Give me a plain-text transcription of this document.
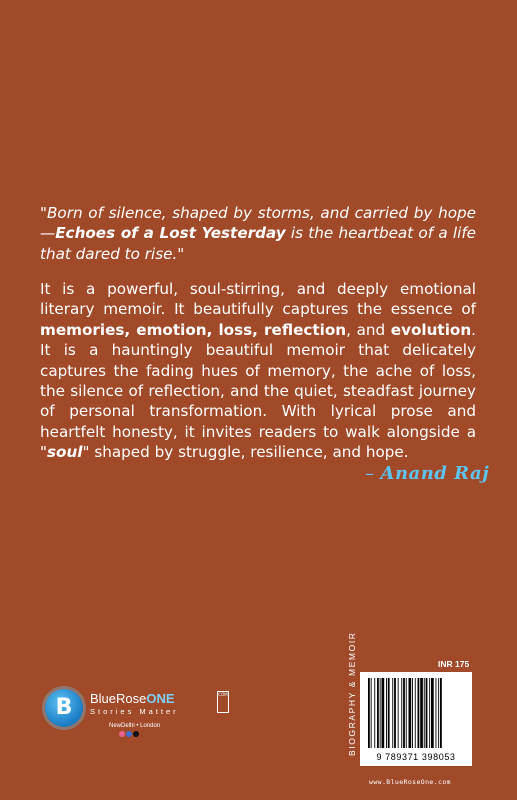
"Born of silence, shaped by storms, and carried by hope—Echoes of a Lost Yesterday is the heartbeat of a life that dared to rise."
It is a powerful, soul-stirring, and deeply emotional literary memoir. It beautifully captures the essence of memories, emotion, loss, reflection, and evolution. It is a hauntingly beautiful memoir that delicately captures the fading hues of memory, the ache of loss, the silence of reflection, and the quiet, steadfast journey of personal transformation. With lyrical prose and heartfelt honesty, it invites readers to walk alongside a "soul" shaped by struggle, resilience, and hope.
– Anand Raj
B	BlueRoseONE	COM
Stories Matter
NewDelhi • London	BIOGRAPHY & MEMOIR	INR 175
9 789371 398053
www.BlueRoseOne.com
